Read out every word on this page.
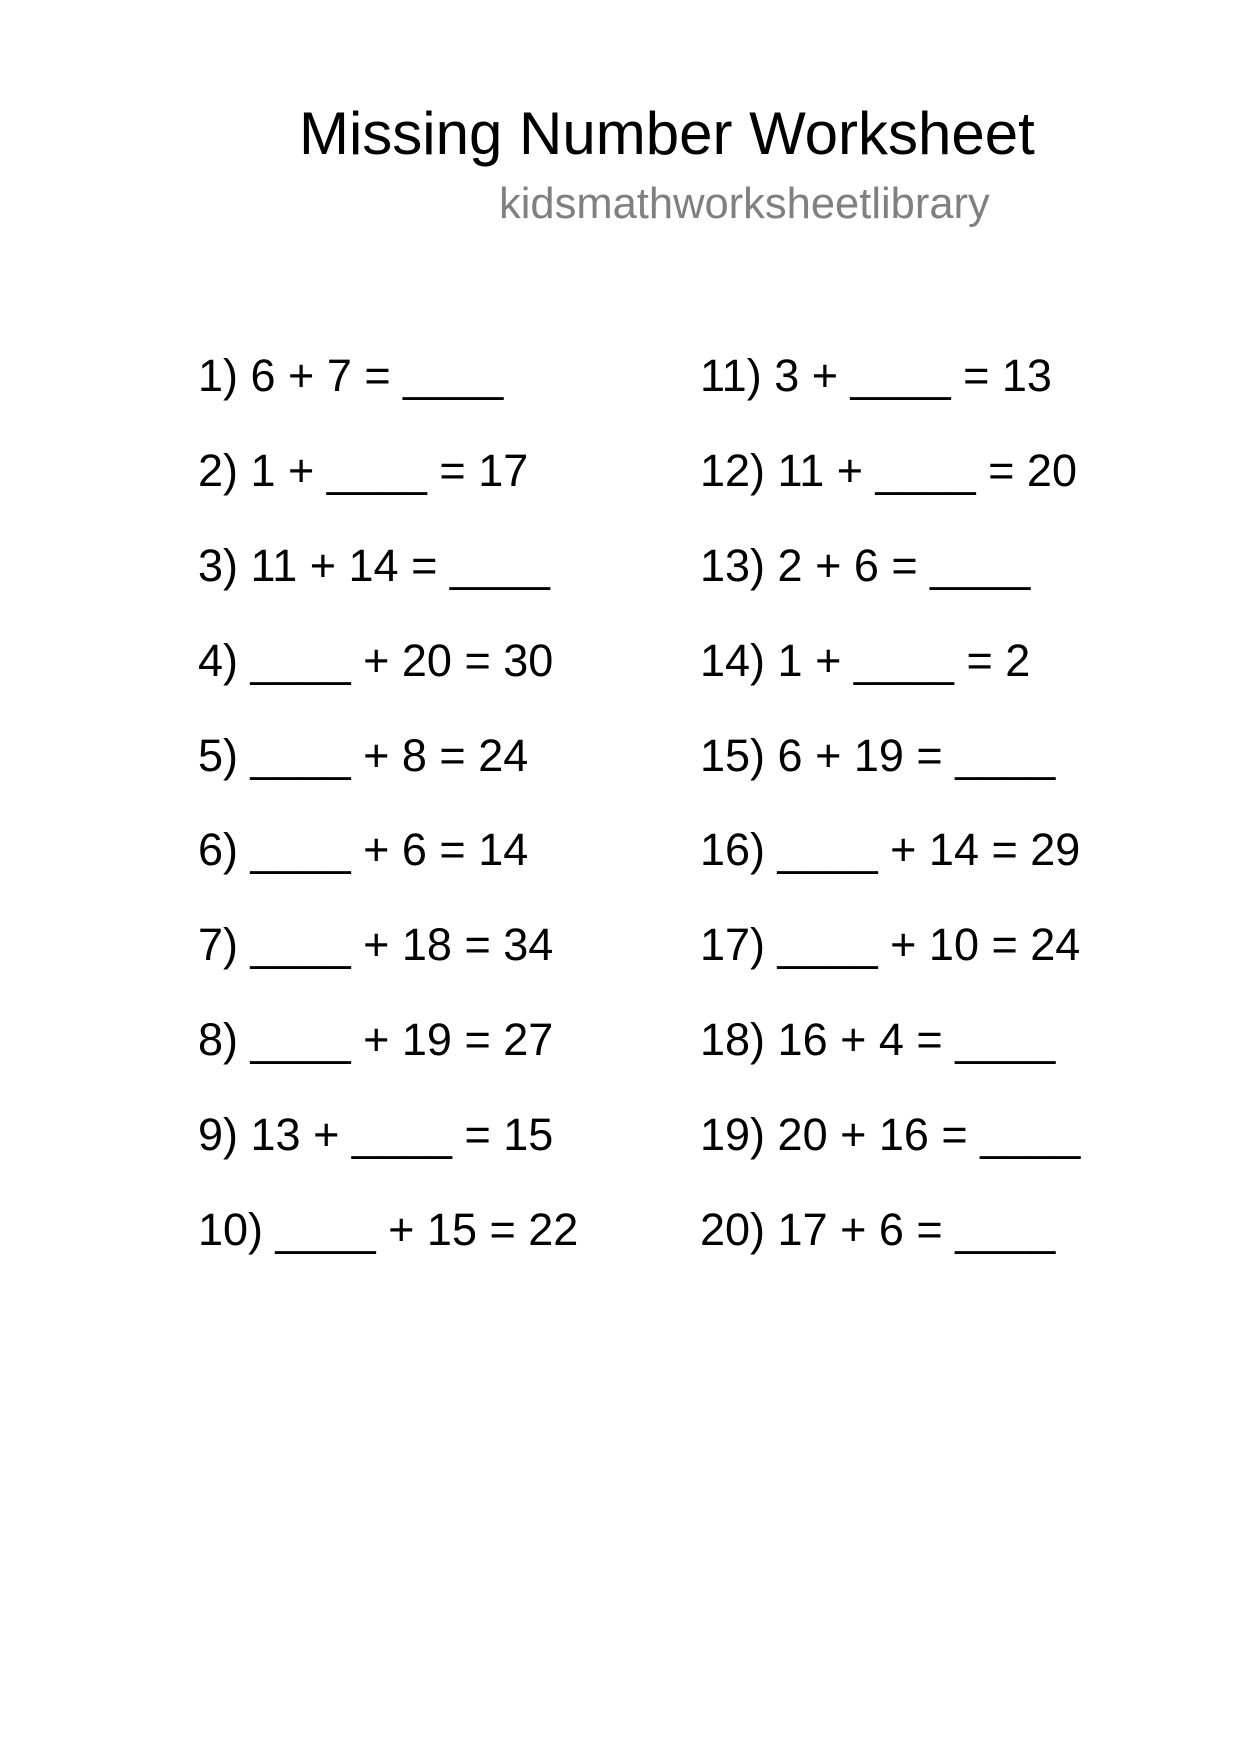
Missing Number Worksheet
kidsmathworksheetlibrary
1) 6 + 7 = ____
2) 1 + ____ = 17
3) 11 + 14 = ____
4) ____ + 20 = 30
5) ____ + 8 = 24
6) ____ + 6 = 14
7) ____ + 18 = 34
8) ____ + 19 = 27
9) 13 + ____ = 15
10) ____ + 15 = 22
11) 3 + ____ = 13
12) 11 + ____ = 20
13) 2 + 6 = ____
14) 1 + ____ = 2
15) 6 + 19 = ____
16) ____ + 14 = 29
17) ____ + 10 = 24
18) 16 + 4 = ____
19) 20 + 16 = ____
20) 17 + 6 = ____
